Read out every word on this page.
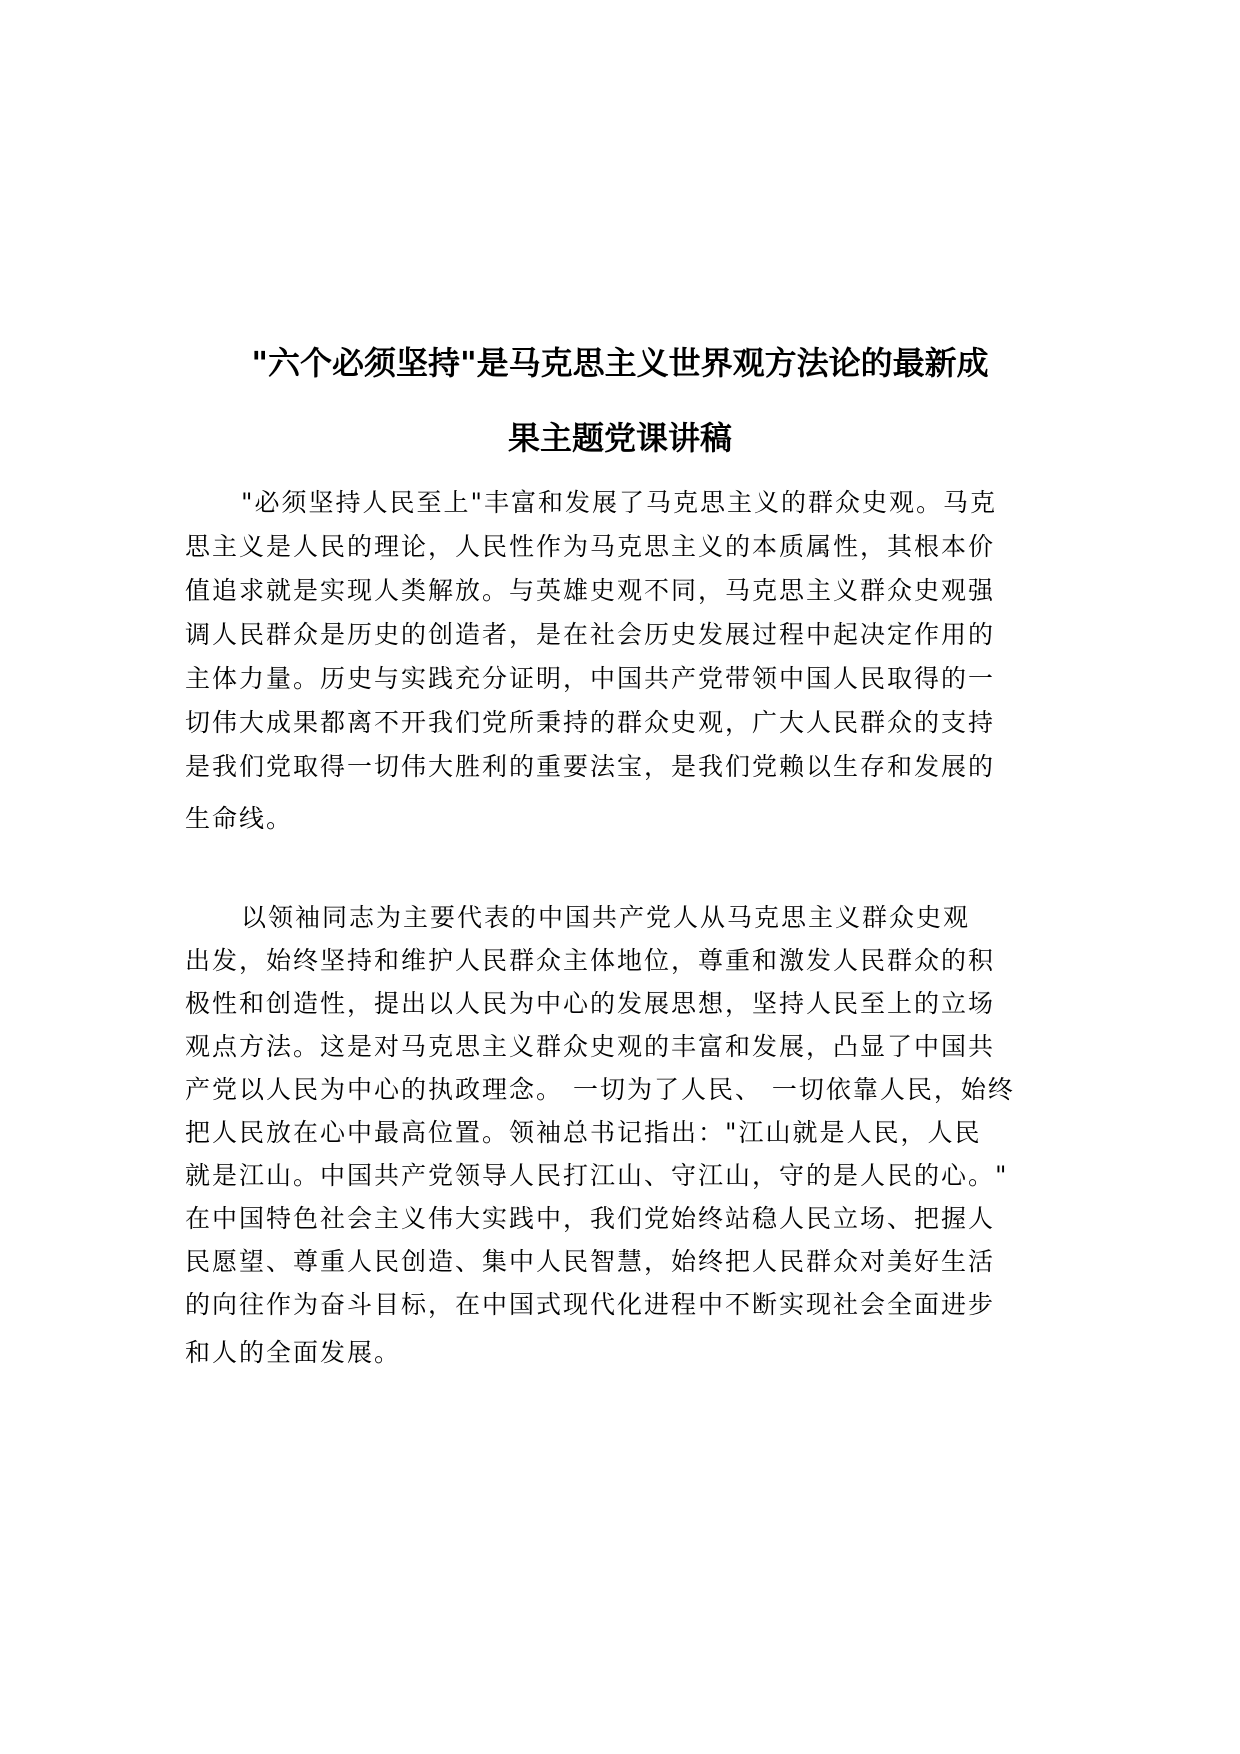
"六个必须坚持"是马克思主义世界观方法论的最新成
果主题党课讲稿
"必须坚持人民至上"丰富和发展了马克思主义的群众史观。马克
思主义是人民的理论，人民性作为马克思主义的本质属性，其根本价
值追求就是实现人类解放。与英雄史观不同，马克思主义群众史观强
调人民群众是历史的创造者，是在社会历史发展过程中起决定作用的
主体力量。历史与实践充分证明，中国共产党带领中国人民取得的一
切伟大成果都离不开我们党所秉持的群众史观，广大人民群众的支持
是我们党取得一切伟大胜利的重要法宝，是我们党赖以生存和发展的
生命线。
以领袖同志为主要代表的中国共产党人从马克思主义群众史观
出发，始终坚持和维护人民群众主体地位，尊重和激发人民群众的积
极性和创造性，提出以人民为中心的发展思想，坚持人民至上的立场
观点方法。这是对马克思主义群众史观的丰富和发展，凸显了中国共
产党以人民为中心的执政理念。 一切为了人民、 一切依靠人民，始终
把人民放在心中最高位置。领袖总书记指出："江山就是人民，人民
就是江山。中国共产党领导人民打江山、守江山，守的是人民的心。"
在中国特色社会主义伟大实践中，我们党始终站稳人民立场、把握人
民愿望、尊重人民创造、集中人民智慧，始终把人民群众对美好生活
的向往作为奋斗目标，在中国式现代化进程中不断实现社会全面进步
和人的全面发展。
